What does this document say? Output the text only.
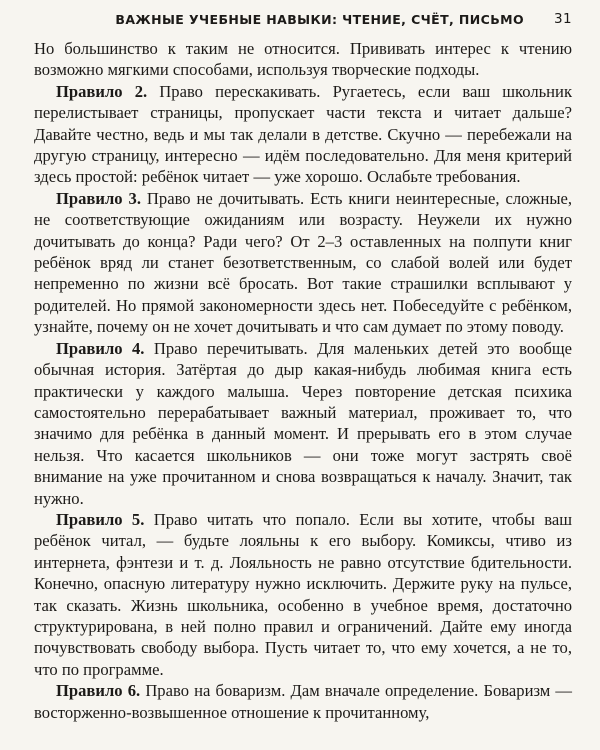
ВАЖНЫЕ УЧЕБНЫЕ НАВЫКИ: ЧТЕНИЕ, СЧЁТ, ПИСЬМО 31

Но большинство к таким не относится. Прививать интерес к чтению возможно мягкими способами, используя творческие подходы.

Правило 2. Право перескакивать. Ругаетесь, если ваш школьник перелистывает страницы, пропускает части текста и читает дальше? Давайте честно, ведь и мы так делали в детстве. Скучно — перебежали на другую страницу, интересно — идём последовательно. Для меня критерий здесь простой: ребёнок читает — уже хорошо. Ослабьте требования.

Правило 3. Право не дочитывать. Есть книги неинтересные, сложные, не соответствующие ожиданиям или возрасту. Неужели их нужно дочитывать до конца? Ради чего? От 2–3 оставленных на полпути книг ребёнок вряд ли станет безответственным, со слабой волей или будет непременно по жизни всё бросать. Вот такие страшилки всплывают у родителей. Но прямой закономерности здесь нет. Побеседуйте с ребёнком, узнайте, почему он не хочет дочитывать и что сам думает по этому поводу.

Правило 4. Право перечитывать. Для маленьких детей это вообще обычная история. Затёртая до дыр какая-нибудь любимая книга есть практически у каждого малыша. Через повторение детская психика самостоятельно перерабатывает важный материал, проживает то, что значимо для ребёнка в данный момент. И прерывать его в этом случае нельзя. Что касается школьников — они тоже могут застрять своё внимание на уже прочитанном и снова возвращаться к началу. Значит, так нужно.

Правило 5. Право читать что попало. Если вы хотите, чтобы ваш ребёнок читал, — будьте лояльны к его выбору. Комиксы, чтиво из интернета, фэнтези и т. д. Лояльность не равно отсутствие бдительности. Конечно, опасную литературу нужно исключить. Держите руку на пульсе, так сказать. Жизнь школьника, особенно в учебное время, достаточно структурирована, в ней полно правил и ограничений. Дайте ему иногда почувствовать свободу выбора. Пусть читает то, что ему хочется, а не то, что по программе.

Правило 6. Право на боваризм. Дам вначале определение. Боваризм — восторженно-возвышенное отношение к прочитанному,
